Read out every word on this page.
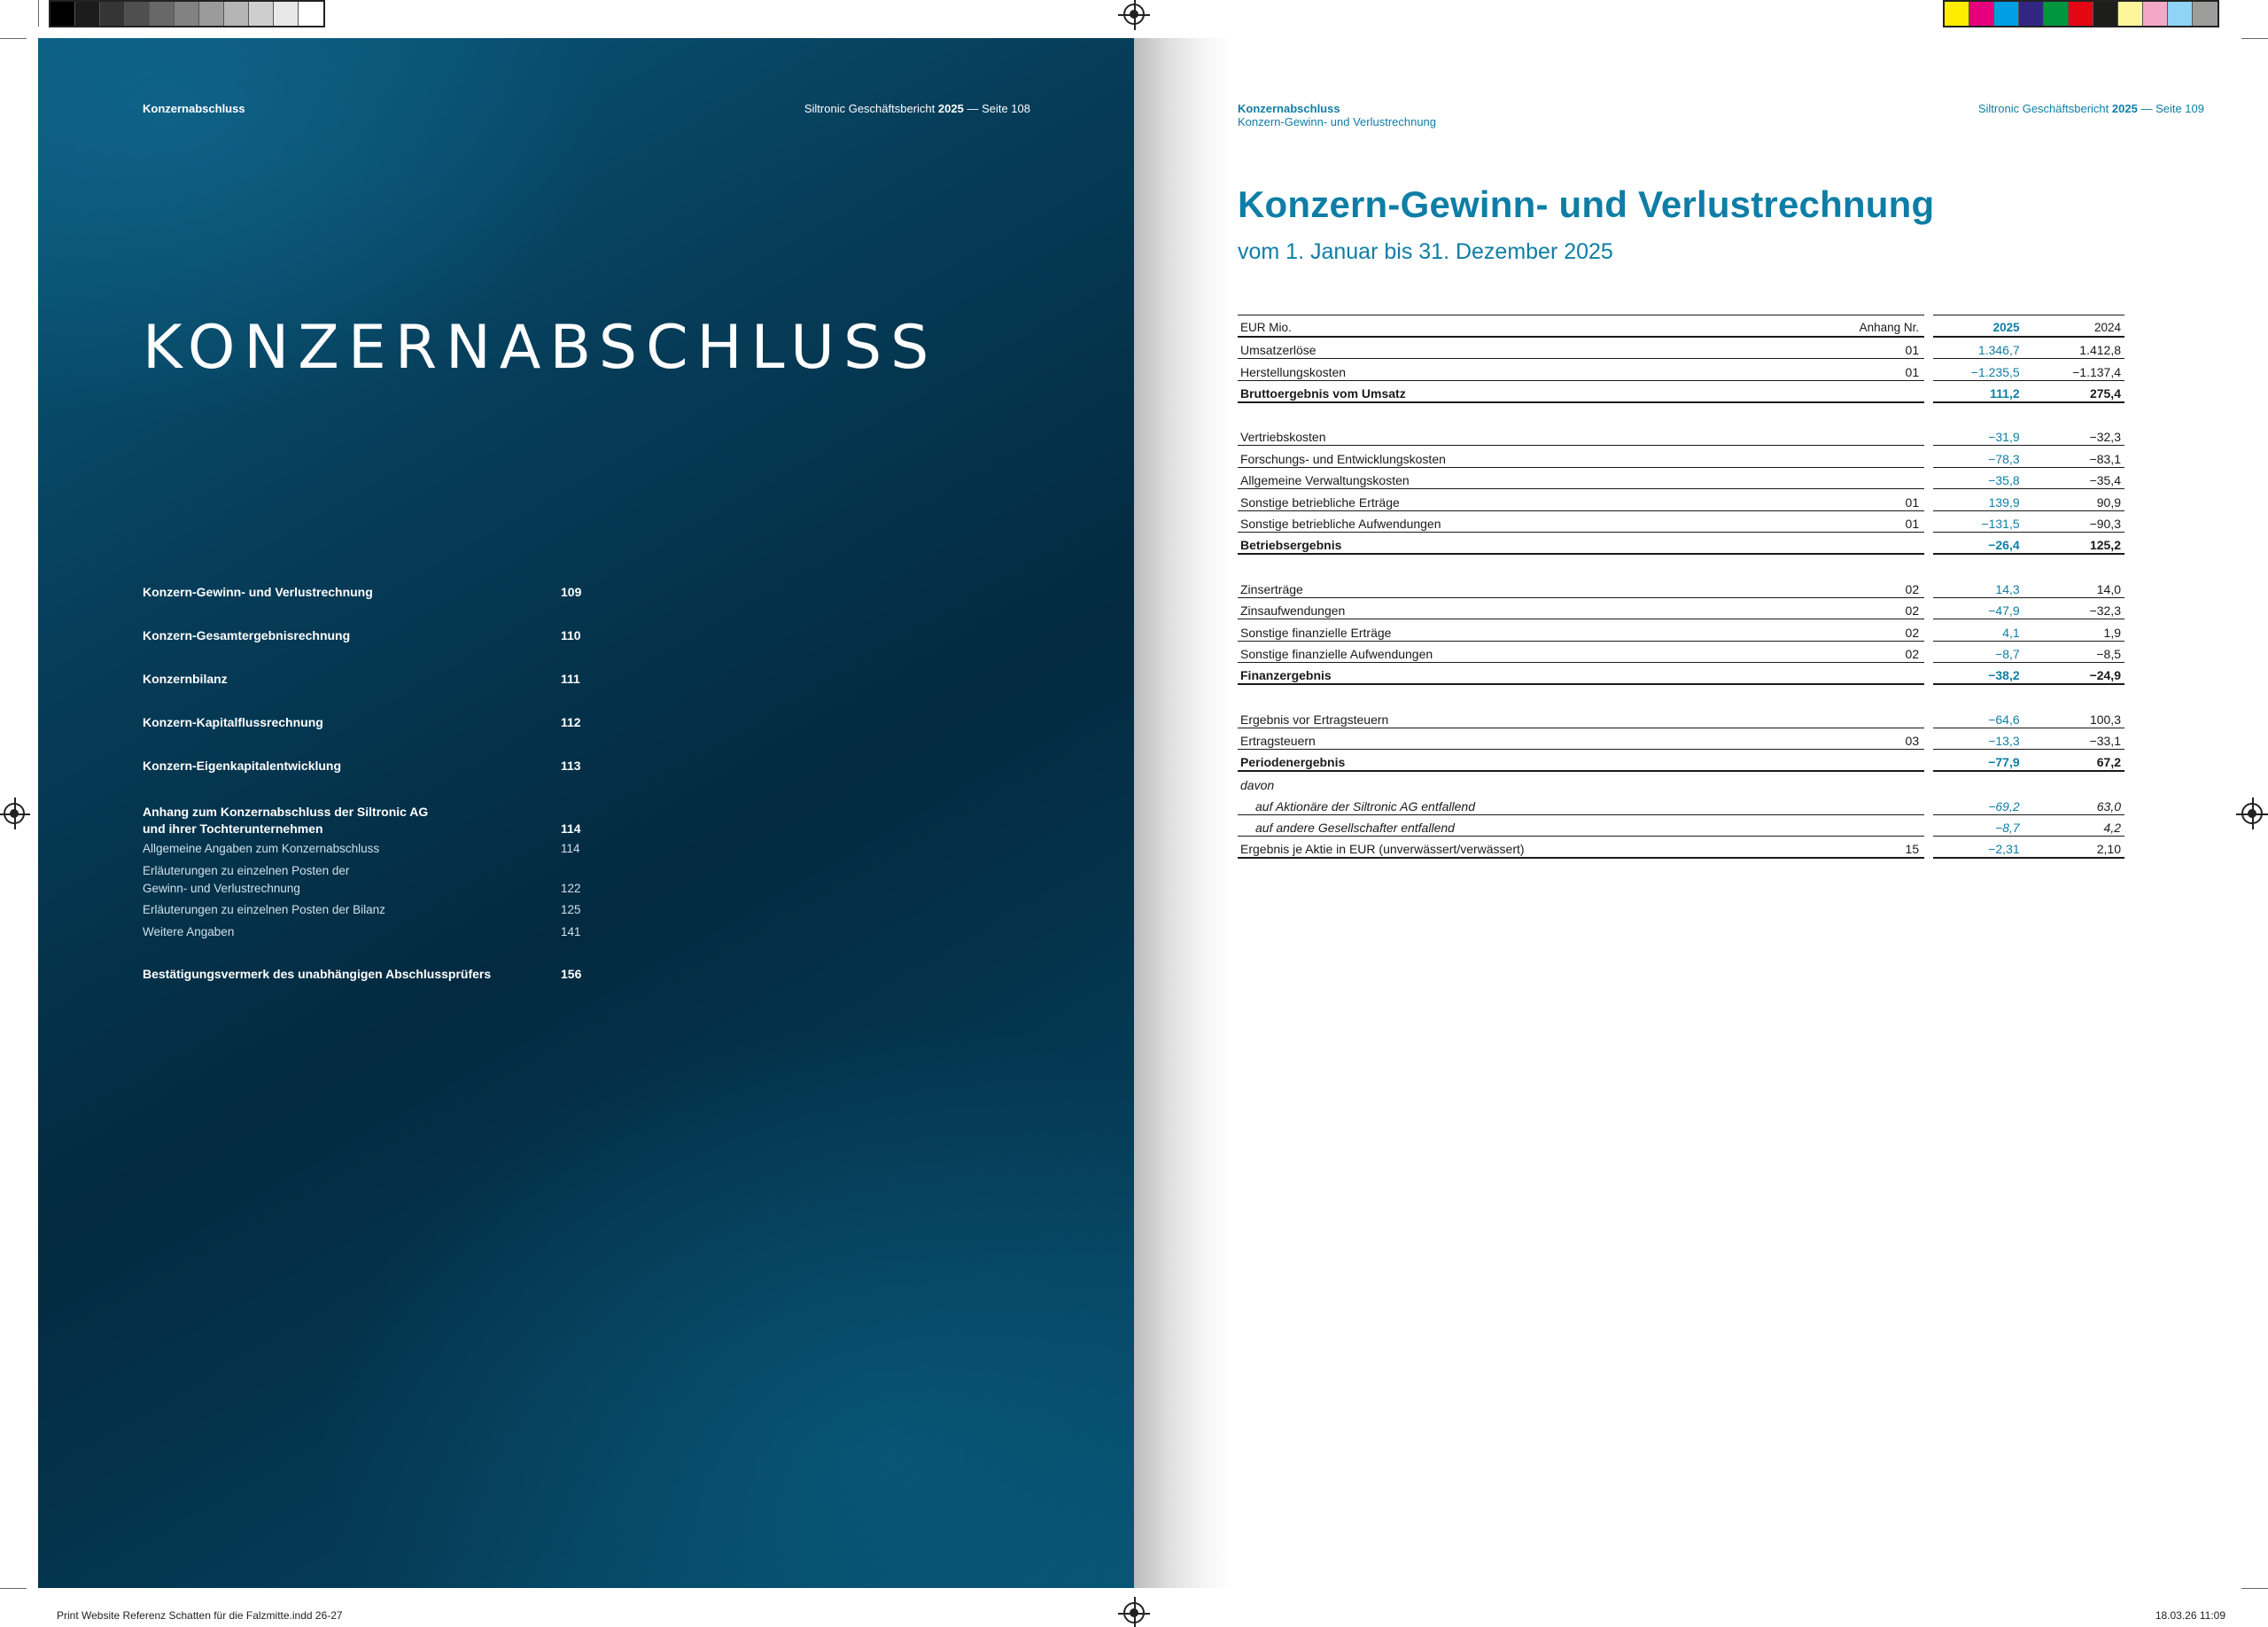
Print Website Referenz Schatten für die Falzmitte.indd 26-27	18.03.26 11:09
Konzernabschluss	Siltronic Geschäftsbericht 2025 — Seite 108
KONZERNABSCHLUSS
Konzern-Gewinn- und Verlustrechnung	109
Konzern-Gesamtergebnisrechnung	110
Konzernbilanz	111
Konzern-Kapitalflussrechnung	112
Konzern-Eigenkapitalentwicklung	113
Anhang zum Konzernabschluss der Siltronic AG
und ihrer Tochterunternehmen	114
Allgemeine Angaben zum Konzernabschluss	114
Erläuterungen zu einzelnen Posten der
Gewinn- und Verlustrechnung	122
Erläuterungen zu einzelnen Posten der Bilanz	125
Weitere Angaben	141
Bestätigungsvermerk des unabhängigen Abschlussprüfers	156
Konzernabschluss
Konzern-Gewinn- und Verlustrechnung
Siltronic Geschäftsbericht 2025 — Seite 109
Konzern-Gewinn- und Verlustrechnung
vom 1. Januar bis 31. Dezember 2025
EUR Mio.	Anhang Nr.	2025	2024
Umsatzerlöse	01	1.346,7	1.412,8
Herstellungskosten	01	−1.235,5	−1.137,4
Bruttoergebnis vom Umsatz		111,2	275,4

Vertriebskosten		−31,9	−32,3
Forschungs- und Entwicklungskosten		−78,3	−83,1
Allgemeine Verwaltungskosten		−35,8	−35,4
Sonstige betriebliche Erträge	01	139,9	90,9
Sonstige betriebliche Aufwendungen	01	−131,5	−90,3
Betriebsergebnis		−26,4	125,2

Zinserträge	02	14,3	14,0
Zinsaufwendungen	02	−47,9	−32,3
Sonstige finanzielle Erträge	02	4,1	1,9
Sonstige finanzielle Aufwendungen	02	−8,7	−8,5
Finanzergebnis		−38,2	−24,9

Ergebnis vor Ertragsteuern		−64,6	100,3
Ertragsteuern	03	−13,3	−33,1
Periodenergebnis		−77,9	67,2
davon			
auf Aktionäre der Siltronic AG entfallend		−69,2	63,0
auf andere Gesellschafter entfallend		−8,7	4,2
Ergebnis je Aktie in EUR (unverwässert/verwässert)	15	−2,31	2,10
